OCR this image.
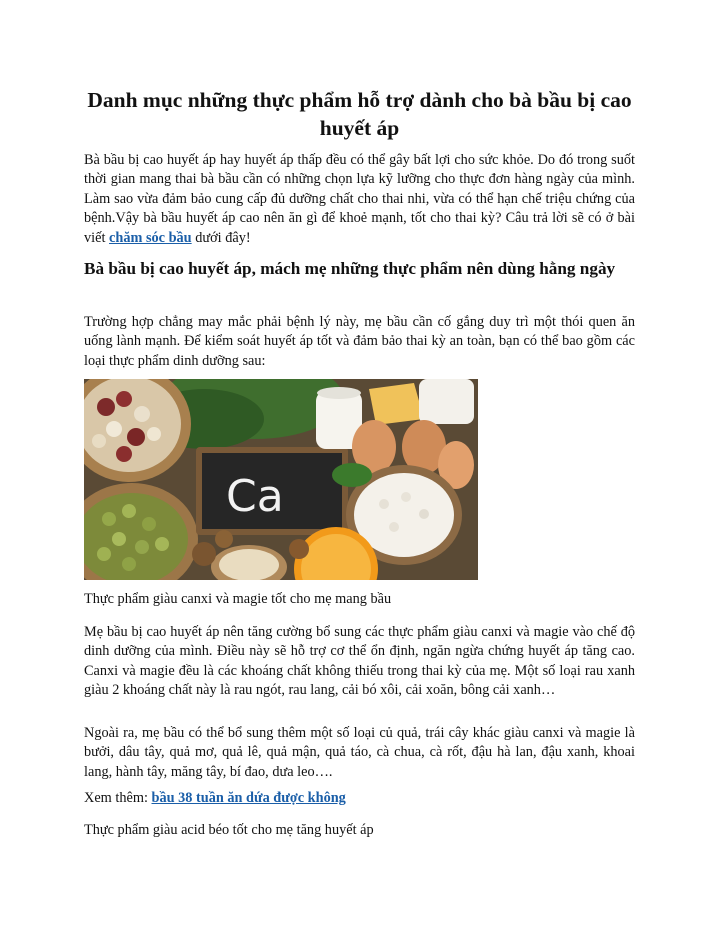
Danh mục những thực phẩm hỗ trợ dành cho bà bầu bị cao huyết áp

Bà bầu bị cao huyết áp hay huyết áp thấp đều có thể gây bất lợi cho sức khỏe. Do đó trong suốt thời gian mang thai bà bầu cần có những chọn lựa kỹ lưỡng cho thực đơn hàng ngày của mình. Làm sao vừa đảm bảo cung cấp đủ dưỡng chất cho thai nhi, vừa có thể hạn chế triệu chứng của bệnh.Vậy bà bầu huyết áp cao nên ăn gì để khoẻ mạnh, tốt cho thai kỳ? Câu trả lời sẽ có ở bài viết chăm sóc bầu dưới đây!

Bà bầu bị cao huyết áp, mách mẹ những thực phẩm nên dùng hằng ngày

Trường hợp chẳng may mắc phải bệnh lý này, mẹ bầu cần cố gắng duy trì một thói quen ăn uống lành mạnh. Để kiểm soát huyết áp tốt và đảm bảo thai kỳ an toàn, bạn có thể bao gồm các loại thực phẩm dinh dưỡng sau:

Ca

Thực phẩm giàu canxi và magie tốt cho mẹ mang bầu

Mẹ bầu bị cao huyết áp nên tăng cường bổ sung các thực phẩm giàu canxi và magie vào chế độ dinh dưỡng của mình. Điều này sẽ hỗ trợ cơ thể ổn định, ngăn ngừa chứng huyết áp tăng cao. Canxi và magie đều là các khoáng chất không thiếu trong thai kỳ của mẹ. Một số loại rau xanh giàu 2 khoáng chất này là rau ngót, rau lang, cải bó xôi, cải xoăn, bông cải xanh…

Ngoài ra, mẹ bầu có thể bổ sung thêm một số loại củ quả, trái cây khác giàu canxi và magie là bưởi, dâu tây, quả mơ, quả lê, quả mận, quả táo, cà chua, cà rốt, đậu hà lan, đậu xanh, khoai lang, hành tây, măng tây, bí đao, dưa leo….

Xem thêm: bầu 38 tuần ăn dứa được không

Thực phẩm giàu acid béo tốt cho mẹ tăng huyết áp
